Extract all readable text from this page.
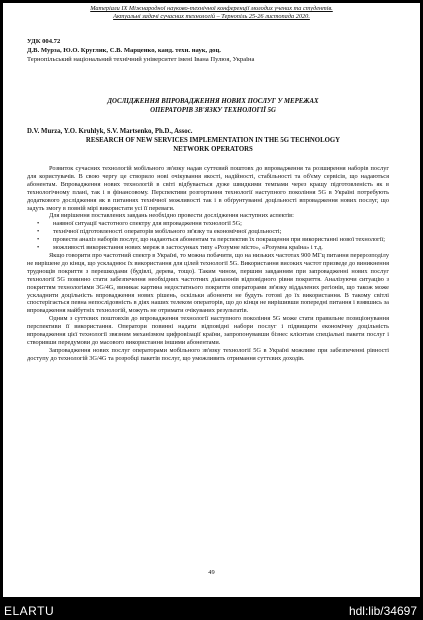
Матеріали IX Міжнародної науково-технічної конференції молодих учених та студентів.
Актуальні задачі сучасних технологій – Тернопіль 25-26 листопада 2020.
УДК 004.72
Д.В. Мурза, Ю.О. Круглик, С.В. Марценко, канд. техн. наук, доц.
Тернопільський національний технічний університет імені Івана Пулюя, Україна
ДОСЛІДЖЕННЯ ВПРОВАДЖЕННЯ НОВИХ ПОСЛУГ У МЕРЕЖАХ
ОПЕРАТОРІВ ЗВ'ЯЗКУ ТЕХНОЛОГІЇ 5G
D.V. Murza, Y.O. Kruhlyk, S.V. Martsenko, Ph.D., Assoc.
RESEARCH OF NEW SERVICES IMPLEMENTATION IN THE 5G TECHNOLOGY
NETWORK OPERATORS

Розвиток сучасних технологій мобільного зв'язку надав суттєвий поштовх до впровадження та розширення наборів послуг для користувачів. В свою чергу це створило нові очікування якості, надійності, стабільності та об'єму сервісів, що надаються абонентам. Впровадження нових технологій в світі відбувається дуже швидкими темпами через кращу підготовленість як в технологічному плані, так і в фінансовому. Перспективи розгортання технології наступного покоління 5G в Україні потребують додаткового дослідження як в питаннях технічної можливості так і в обґрунтуванні доцільності впровадження нових послуг, що задуть змогу в повній мірі використати усі її переваги.

Для вирішення поставлених завдань необхідно провести дослідження наступних аспектів:

• наявної ситуації частотного спектру для впровадження технології 5G;
• технічної підготовленості операторів мобільного зв'язку та економічної доцільності;
• провести аналіз наборів послуг, що надаються абонентам та перспектив їх покращення при використанні нової технології;
• можливості використання нових мереж в застосунках типу «Розумне місто», «Розумна країна» і т.д.

Якщо говорити про частотний спектр в Україні, то можна побачити, що на низьких частотах 900 МГц питання перерозподілу не вирішене до кінця, що ускладнює їх використання для цілей технології 5G. Використання високих частот призведе до виникнення труднощів покриття з перешкодами (будівлі, дерева, тощо). Таким чином, першим завданням при запровадженні нових послуг технології 5G повинно стати забезпечення необхідних частотних діапазонів відповідного рівня покриття. Аналізуючи ситуацію з покриттям технологіями 3G/4G, виникає картина недостатнього покриття операторами зв'язку віддалених регіонів, що також може ускладнити доцільність впровадження нових рішень, оскільки абоненти не будуть готові до їх використання. В такому світлі спостерігається певна непослідовність в діях наших телеком операторів, що до кінця не вирішивши попередні питання і взявшись за впровадження майбутніх технологій, можуть не отримати очікуваних результатів.

Одним з суттєвих поштовхів до впровадження технології наступного покоління 5G може стати правильне позиціонування перспективи її використання. Оператори повинні надати відповідні набори послуг і підвищити економічну доцільність впровадження цієї технології звязним механізмом цифровізації країни, запропонувавши бізнес клієнтам спеціальні пакети послуг і створивши передумови до масового використання іншими абонентами.

Запровадження нових послуг операторами мобільного зв'язку технології 5G в Україні можливе при забезпеченні рівності доступу до технологій 3G/4G та розробці пакетів послуг, що уможливить отримання суттєвих доходів.

49
ELARTU	hdl:lib/34697
